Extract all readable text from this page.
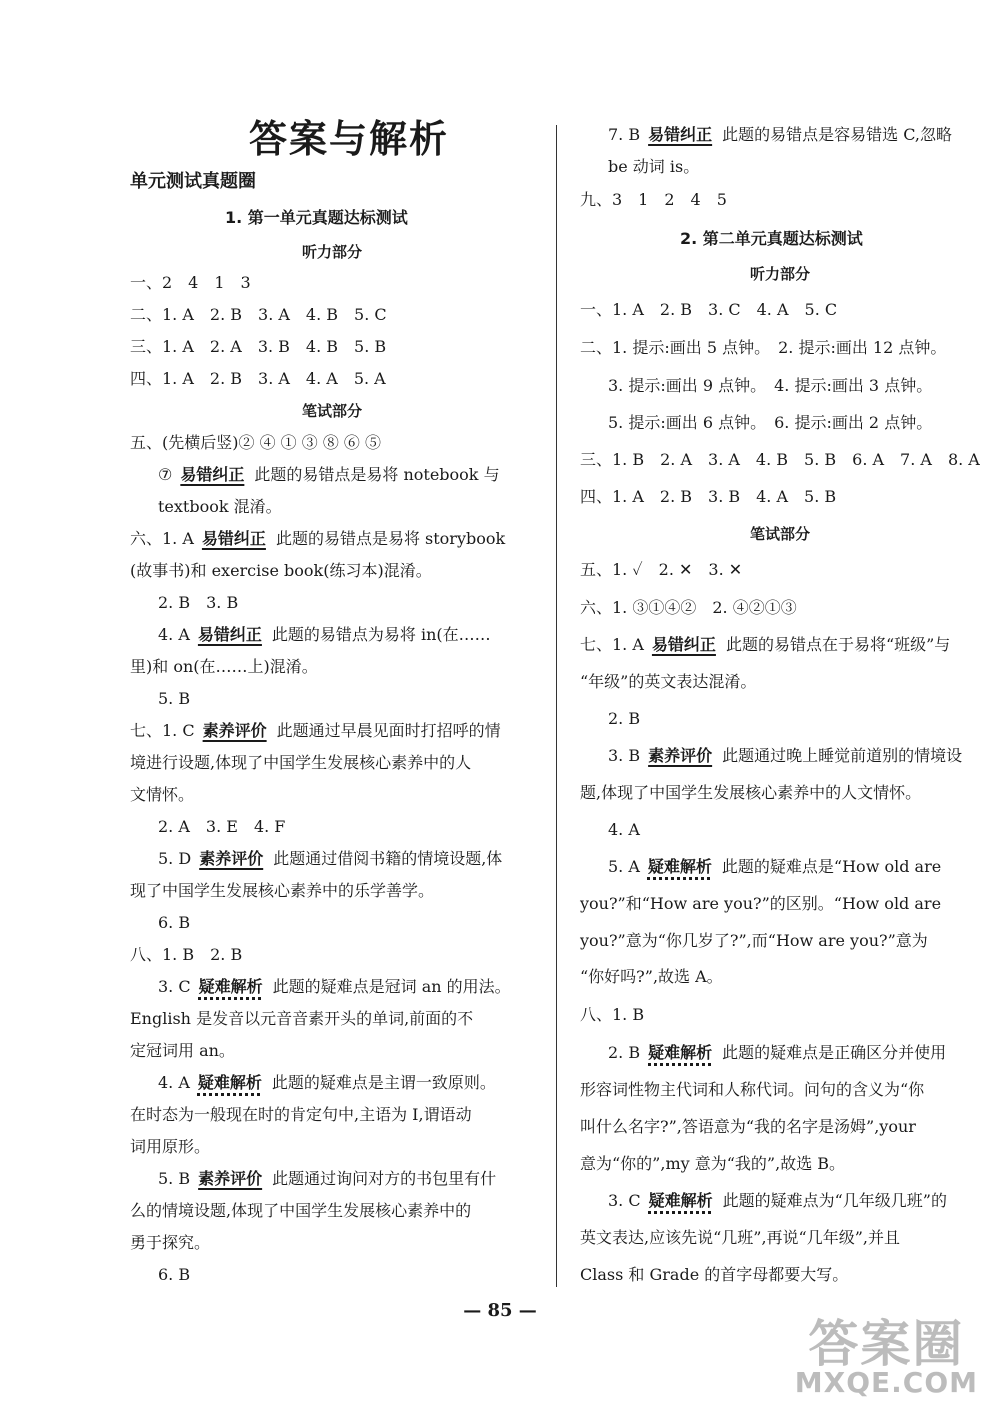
答案与解析
单元测试真题圈
1. 第一单元真题达标测试
听力部分
一、2　4　1　3
二、1. A　2. B　3. A　4. B　5. C
三、1. A　2. A　3. B　4. B　5. B
四、1. A　2. B　3. A　4. A　5. A
笔试部分
五、(先横后竖)② ④ ① ③ ⑧ ⑥ ⑤
⑦ 易错纠正 此题的易错点是易将 notebook 与
textbook 混淆。
六、1. A 易错纠正 此题的易错点是易将 storybook
(故事书)和 exercise book(练习本)混淆。
2. B　3. B
4. A 易错纠正 此题的易错点为易将 in(在……
里)和 on(在……上)混淆。
5. B
七、1. C 素养评价 此题通过早晨见面时打招呼的情
境进行设题,体现了中国学生发展核心素养中的人
文情怀。
2. A　3. E　4. F
5. D 素养评价 此题通过借阅书籍的情境设题,体
现了中国学生发展核心素养中的乐学善学。
6. B
八、1. B　2. B
3. C 疑难解析 此题的疑难点是冠词 an 的用法。
English 是发音以元音音素开头的单词,前面的不
定冠词用 an。
4. A 疑难解析 此题的疑难点是主谓一致原则。
在时态为一般现在时的肯定句中,主语为 I,谓语动
词用原形。
5. B 素养评价 此题通过询问对方的书包里有什
么的情境设题,体现了中国学生发展核心素养中的
勇于探究。
6. B
7. B 易错纠正 此题的易错点是容易错选 C,忽略
be 动词 is。
九、3　1　2　4　5
2. 第二单元真题达标测试
听力部分
一、1. A　2. B　3. C　4. A　5. C
二、1. 提示:画出 5 点钟。　2. 提示:画出 12 点钟。
3. 提示:画出 9 点钟。　4. 提示:画出 3 点钟。
5. 提示:画出 6 点钟。　6. 提示:画出 2 点钟。
三、1. B　2. A　3. A　4. B　5. B　6. A　7. A　8. A
四、1. A　2. B　3. B　4. A　5. B
笔试部分
五、1. ✓　2. ✕　3. ✕
六、1. ③①④②　2. ④②①③
七、1. A 易错纠正 此题的易错点在于易将“班级”与
“年级”的英文表达混淆。
2. B
3. B 素养评价 此题通过晚上睡觉前道别的情境设
题,体现了中国学生发展核心素养中的人文情怀。
4. A
5. A 疑难解析 此题的疑难点是“How old are
you?”和“How are you?”的区别。“How old are
you?”意为“你几岁了?”,而“How are you?”意为
“你好吗?”,故选 A。
八、1. B
2. B 疑难解析 此题的疑难点是正确区分并使用
形容词性物主代词和人称代词。问句的含义为“你
叫什么名字?”,答语意为“我的名字是汤姆”,your
意为“你的”,my 意为“我的”,故选 B。
3. C 疑难解析 此题的疑难点为“几年级几班”的
英文表达,应该先说“几班”,再说“几年级”,并且
Class 和 Grade 的首字母都要大写。
— 85 —
答案圈
MXQE.COM
